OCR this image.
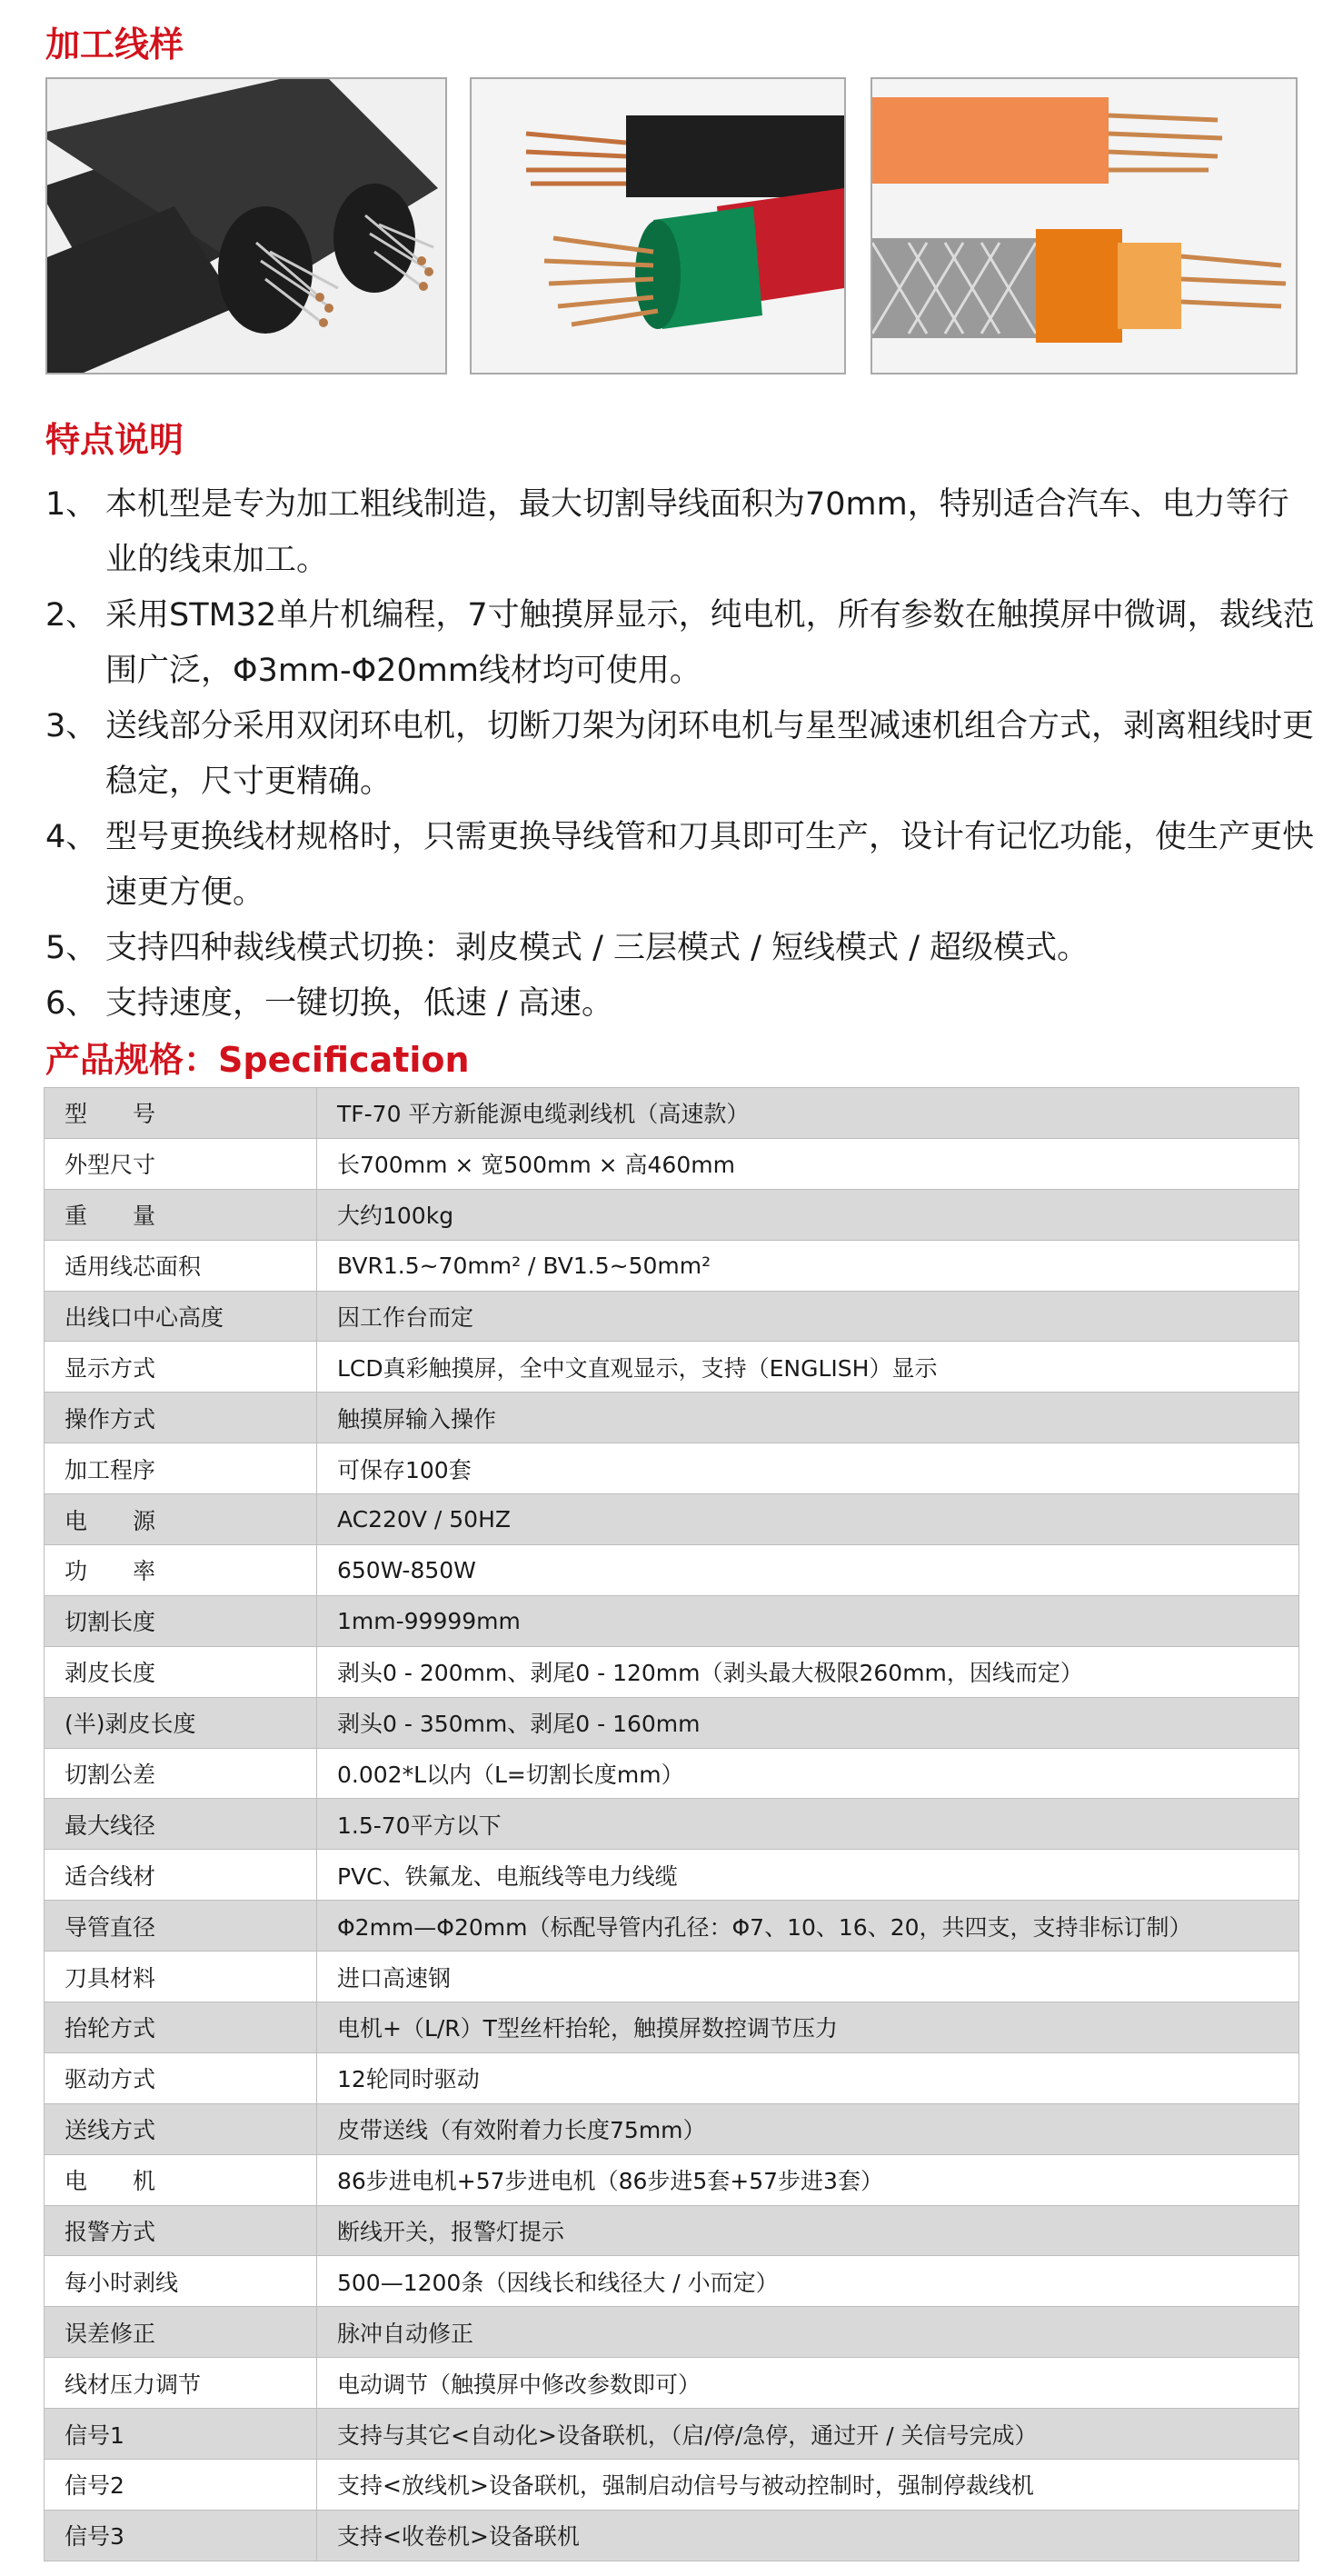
加工线样
特点说明
1、 本机型是专为加工粗线制造，最大切割导线面积为70mm，特别适合汽车、电力等行业的线束加工。
2、 采用STM32单片机编程，7寸触摸屏显示，纯电机，所有参数在触摸屏中微调，裁线范围广泛，Φ3mm-Φ20mm线材均可使用。
3、 送线部分采用双闭环电机，切断刀架为闭环电机与星型减速机组合方式，剥离粗线时更稳定，尺寸更精确。
4、 型号更换线材规格时，只需更换导线管和刀具即可生产，设计有记忆功能，使生产更快速更方便。
5、 支持四种裁线模式切换：剥皮模式 / 三层模式 / 短线模式 / 超级模式。
6、 支持速度，一键切换，低速 / 高速。
产品规格：Specification
型　　号	TF-70 平方新能源电缆剥线机（高速款）
外型尺寸	长700mm × 宽500mm × 高460mm
重　　量	大约100kg
适用线芯面积	BVR1.5~70mm² / BV1.5~50mm²
出线口中心高度	因工作台而定
显示方式	LCD真彩触摸屏，全中文直观显示，支持（ENGLISH）显示
操作方式	触摸屏输入操作
加工程序	可保存100套
电　　源	AC220V / 50HZ
功　　率	650W-850W
切割长度	1mm-99999mm
剥皮长度	剥头0 - 200mm、剥尾0 - 120mm（剥头最大极限260mm，因线而定）
(半)剥皮长度	剥头0 - 350mm、剥尾0 - 160mm
切割公差	0.002*L以内（L=切割长度mm）
最大线径	1.5-70平方以下
适合线材	PVC、铁氟龙、电瓶线等电力线缆
导管直径	Φ2mm—Φ20mm（标配导管内孔径：Φ7、10、16、20，共四支，支持非标订制）
刀具材料	进口高速钢
抬轮方式	电机+（L/R）T型丝杆抬轮，触摸屏数控调节压力
驱动方式	12轮同时驱动
送线方式	皮带送线（有效附着力长度75mm）
电　　机	86步进电机+57步进电机（86步进5套+57步进3套）
报警方式	断线开关，报警灯提示
每小时剥线	500—1200条（因线长和线径大 / 小而定）
误差修正	脉冲自动修正
线材压力调节	电动调节（触摸屏中修改参数即可）
信号1	支持与其它<自动化>设备联机，（启/停/急停，通过开 / 关信号完成）
信号2	支持<放线机>设备联机，强制启动信号与被动控制时，强制停裁线机
信号3	支持<收卷机>设备联机
